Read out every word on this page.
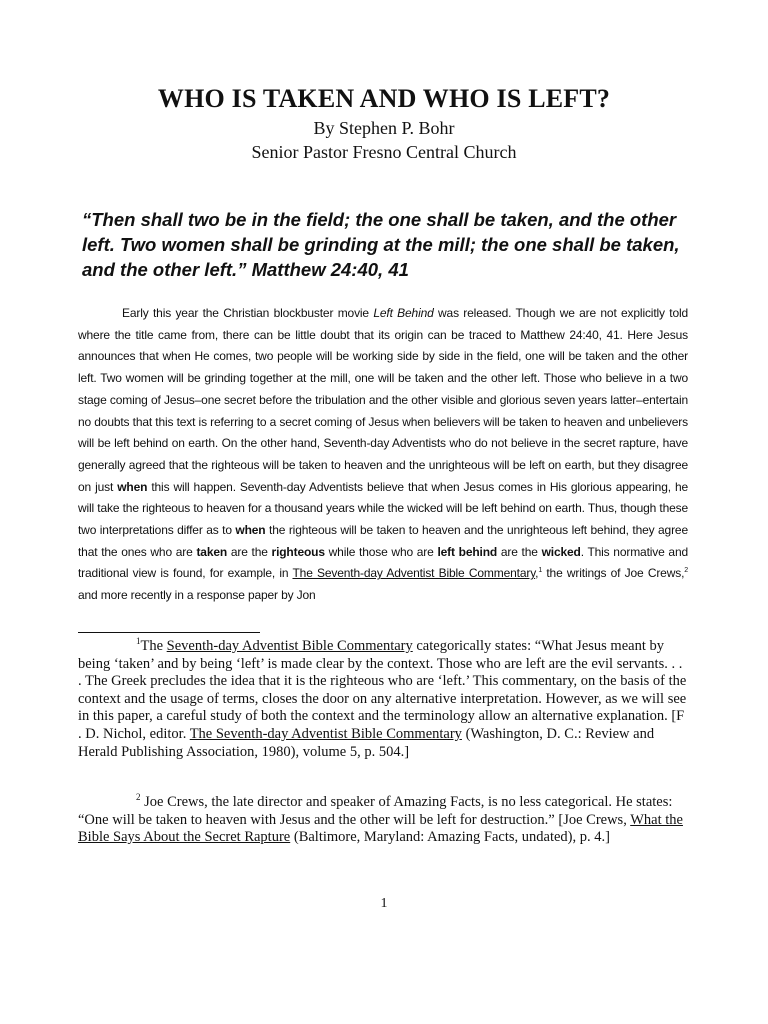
WHO IS TAKEN AND WHO IS LEFT?

By Stephen P. Bohr

Senior Pastor Fresno Central Church

“Then shall two be in the field; the one shall be taken, and the other left. Two women shall be grinding at the mill; the one shall be taken, and the other left.” Matthew 24:40, 41

Early this year the Christian blockbuster movie Left Behind was released. Though we are not explicitly told where the title came from, there can be little doubt that its origin can be traced to Matthew 24:40, 41. Here Jesus announces that when He comes, two people will be working side by side in the field, one will be taken and the other left. Two women will be grinding together at the mill, one will be taken and the other left. Those who believe in a two stage coming of Jesus–one secret before the tribulation and the other visible and glorious seven years latter–entertain no doubts that this text is referring to a secret coming of Jesus when believers will be taken to heaven and unbelievers will be left behind on earth. On the other hand, Seventh-day Adventists who do not believe in the secret rapture, have generally agreed that the righteous will be taken to heaven and the unrighteous will be left on earth, but they disagree on just when this will happen. Seventh-day Adventists believe that when Jesus comes in His glorious appearing, he will take the righteous to heaven for a thousand years while the wicked will be left behind on earth. Thus, though these two interpretations differ as to when the righteous will be taken to heaven and the unrighteous left behind, they agree that the ones who are taken are the righteous while those who are left behind are the wicked. This normative and traditional view is found, for example, in The Seventh-day Adventist Bible Commentary,$^1$ the writings of Joe Crews,$^2$ and more recently in a response paper by Jon

$^1$The Seventh-day Adventist Bible Commentary categorically states: “What Jesus meant by being ‘taken’ and by being ‘left’ is made clear by the context. Those who are left are the evil servants. . . . The Greek precludes the idea that it is the righteous who are ‘left.’ This commentary, on the basis of the context and the usage of terms, closes the door on any alternative interpretation. However, as we will see in this paper, a careful study of both the context and the terminology allow an alternative explanation. [F . D. Nichol, editor. The Seventh-day Adventist Bible Commentary (Washington, D. C.: Review and Herald Publishing Association, 1980), volume 5, p. 504.]

$^2$ Joe Crews, the late director and speaker of Amazing Facts, is no less categorical. He states: “One will be taken to heaven with Jesus and the other will be left for destruction.” [Joe Crews, What the Bible Says About the Secret Rapture (Baltimore, Maryland: Amazing Facts, undated), p. 4.]

1
